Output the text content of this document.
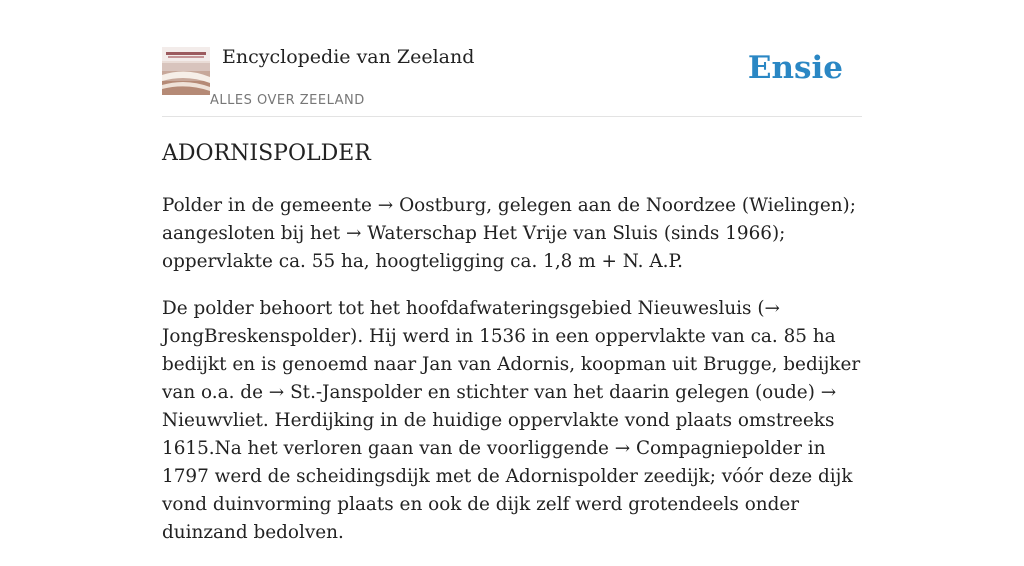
Encyclopedie van Zeeland
ALLES OVER ZEELAND
Ensie
ADORNISPOLDER

Polder in de gemeente → Oostburg, gelegen aan de Noordzee (Wielingen); aangesloten bij het → Waterschap Het Vrije van Sluis (sinds 1966); oppervlakte ca. 55 ha, hoogteligging ca. 1,8 m + N. A.P.

De polder behoort tot het hoofdafwateringsgebied Nieuwesluis (→
JongBreskenspolder). Hij werd in 1536 in een oppervlakte van ca. 85 ha bedijkt en is genoemd naar Jan van Adornis, koopman uit Brugge, bedijker van o.a. de → St.-Janspolder en stichter van het daarin gelegen (oude) → Nieuwvliet. Herdijking in de huidige oppervlakte vond plaats omstreeks 1615.Na het verloren gaan van de voorliggende → Compagniepolder in 1797 werd de scheidingsdijk met de Adornispolder zeedijk; vóór deze dijk vond duinvorming plaats en ook de dijk zelf werd grotendeels onder duinzand bedolven.
